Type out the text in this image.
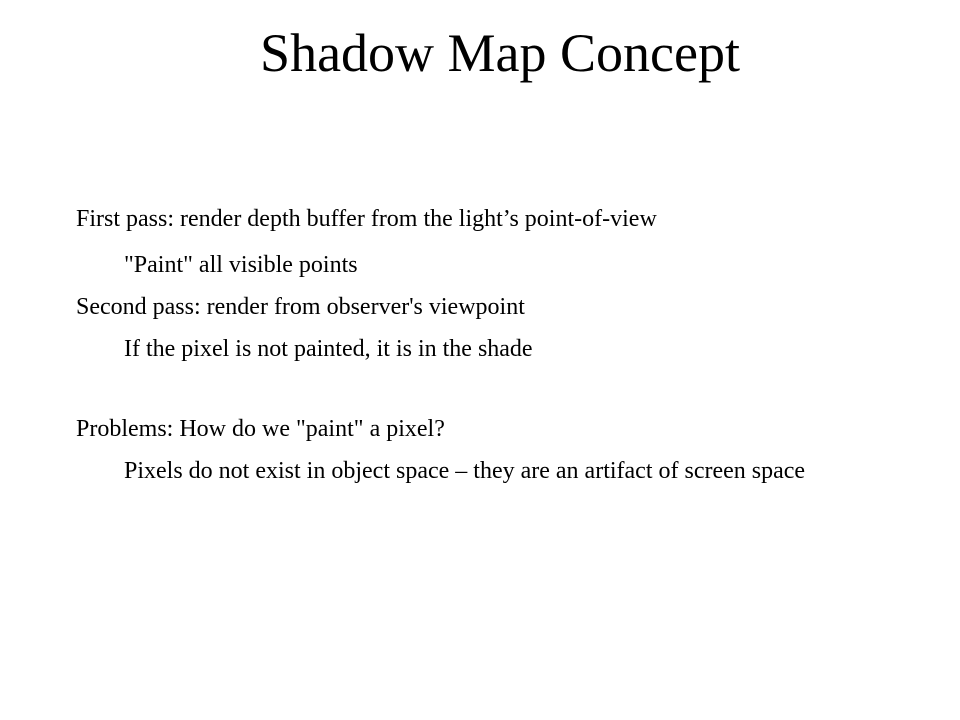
Shadow Map Concept

First pass: render depth buffer from the light’s point-of-view

"Paint" all visible points

Second pass: render from observer's viewpoint

If the pixel is not painted, it is in the shade

Problems: How do we "paint" a pixel?

Pixels do not exist in object space – they are an artifact of screen space
